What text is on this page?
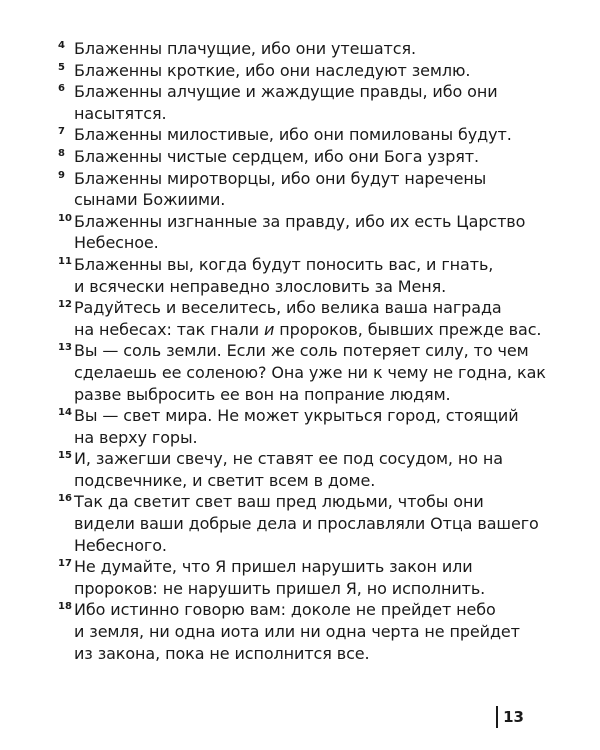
4 Блаженны плачущие, ибо они утешатся.
5 Блаженны кроткие, ибо они наследуют землю.
6 Блаженны алчущие и жаждущие правды, ибо они
насытятся.
7 Блаженны милостивые, ибо они помилованы будут.
8 Блаженны чистые сердцем, ибо они Бога узрят.
9 Блаженны миротворцы, ибо они будут наречены
сынами Божиими.
10 Блаженны изгнанные за правду, ибо их есть Царство
Небесное.
11 Блаженны вы, когда будут поносить вас, и гнать,
и всячески неправедно злословить за Меня.
12 Радуйтесь и веселитесь, ибо велика ваша награда
на небесах: так гнали и пророков, бывших прежде вас.
13 Вы — соль земли. Если же соль потеряет силу, то чем
сделаешь ее соленою? Она уже ни к чему не годна, как
разве выбросить ее вон на попрание людям.
14 Вы — свет мира. Не может укрыться город, стоящий
на верху горы.
15 И, зажегши свечу, не ставят ее под сосудом, но на
подсвечнике, и светит всем в доме.
16 Так да светит свет ваш пред людьми, чтобы они
видели ваши добрые дела и прославляли Отца вашего
Небесного.
17 Не думайте, что Я пришел нарушить закон или
пророков: не нарушить пришел Я, но исполнить.
18 Ибо истинно говорю вам: доколе не прейдет небо
и земля, ни одна иота или ни одна черта не прейдет
из закона, пока не исполнится все.
13
